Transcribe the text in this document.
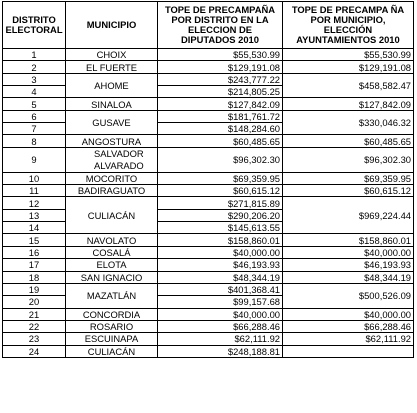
DISTRITO ELECTORAL	MUNICIPIO	TOPE DE PRECAMPAÑA POR DISTRITO EN LA ELECCION DE DIPUTADOS 2010	TOPE DE PRECAMPA ÑA POR MUNICIPIO, ELECCIÓN AYUNTAMIENTOS 2010
1	CHOIX	$55,530.99	$55,530.99
2	EL FUERTE	$129,191.08	$129,191.08
3	AHOME	$243,777.22	$458,582.47
4		$214,805.25	
5	SINALOA	$127,842.09	$127,842.09
6	GUSAVE	$181,761.72	$330,046.32
7		$148,284.60	
8	ANGOSTURA	$60,485.65	$60,485.65
9	SALVADOR ALVARADO	$96,302.30	$96,302.30
10	MOCORITO	$69,359.95	$69,359.95
11	BADIRAGUATO	$60,615.12	$60,615.12
12	CULIACÁN	$271,815.89	$969,224.44
13		$290,206.20	
14		$145,613.55	
15	NAVOLATO	$158,860.01	$158,860.01
16	COSALÁ	$40,000.00	$40,000.00
17	ELOTA	$46,193.93	$46,193.93
18	SAN IGNACIO	$48,344.19	$48,344.19
19	MAZATLÁN	$401,368.41	$500,526.09
20		$99,157.68	
21	CONCORDIA	$40,000.00	$40,000.00
22	ROSARIO	$66,288.46	$66,288.46
23	ESCUINAPA	$62,111.92	$62,111.92
24	CULIACÁN	$248,188.81	
